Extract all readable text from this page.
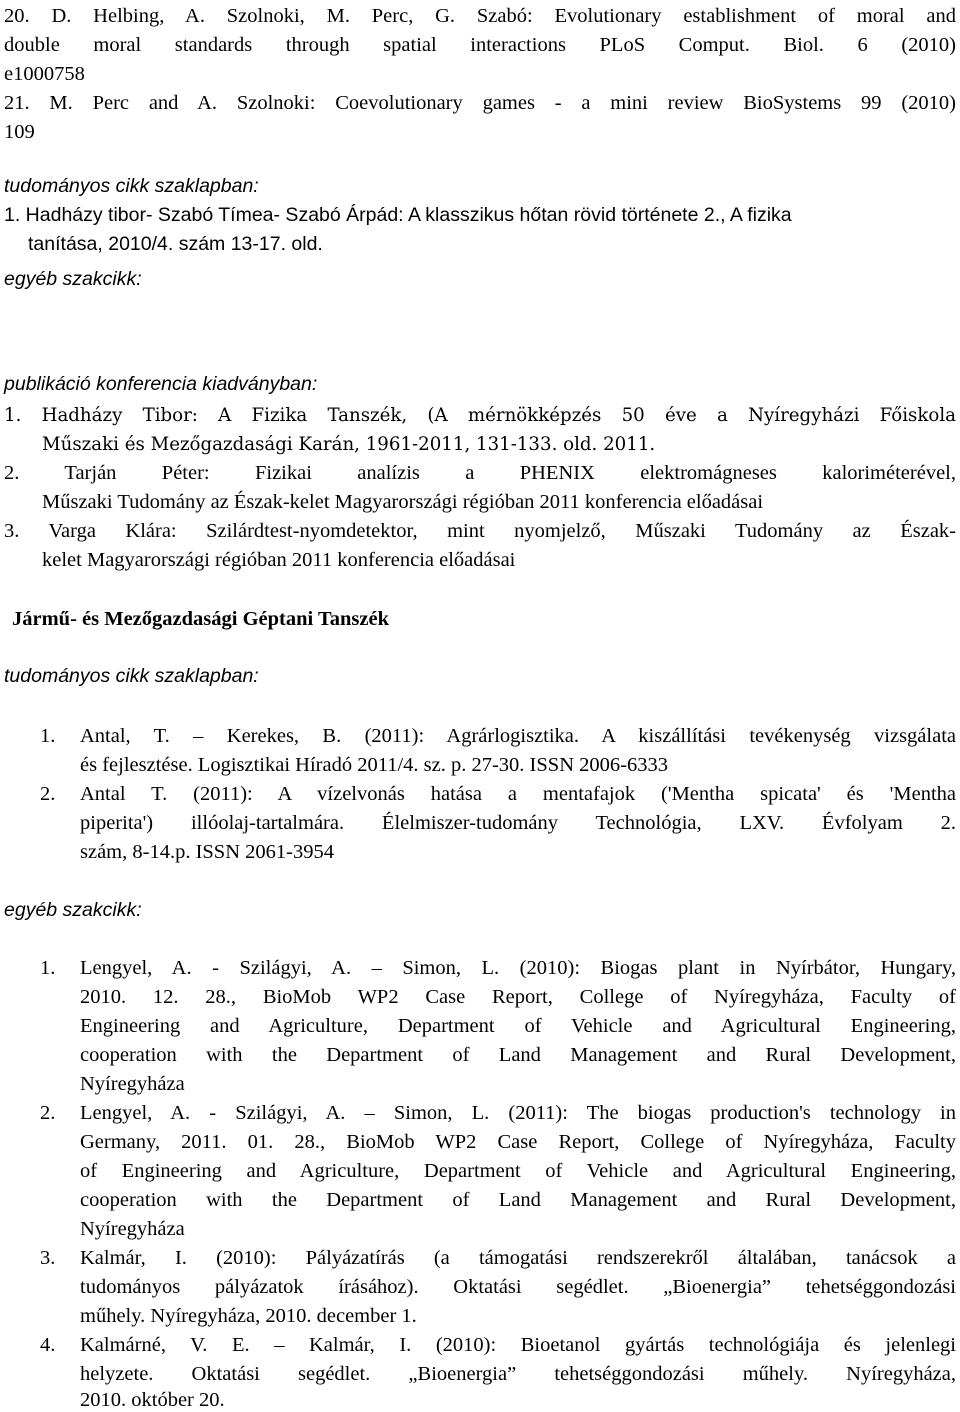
20. D. Helbing, A. Szolnoki, M. Perc, G. Szabó: Evolutionary establishment of moral and
double moral standards through spatial interactions PLoS Comput. Biol. 6 (2010)
e1000758
21. M. Perc and A. Szolnoki: Coevolutionary games - a mini review BioSystems 99 (2010)
109
tudományos cikk szaklapban:
1. Hadházy tibor- Szabó Tímea- Szabó Árpád: A klasszikus hőtan rövid története 2., A fizika
tanítása, 2010/4. szám 13-17. old.
egyéb szakcikk:
publikáció konferencia kiadványban:
1. Hadházy Tibor: A Fizika Tanszék, (A mérnökképzés 50 éve a Nyíregyházi Főiskola
Műszaki és Mezőgazdasági Karán, 1961-2011, 131-133. old. 2011.
2. Tarján Péter: Fizikai analízis a PHENIX elektromágneses kaloriméterével,
Műszaki Tudomány az Észak-kelet Magyarországi régióban 2011 konferencia előadásai
3. Varga Klára: Szilárdtest-nyomdetektor, mint nyomjelző, Műszaki Tudomány az Észak-
kelet Magyarországi régióban 2011 konferencia előadásai
Jármű- és Mezőgazdasági Géptani Tanszék
tudományos cikk szaklapban:
1. Antal, T. – Kerekes, B. (2011): Agrárlogisztika. A kiszállítási tevékenység vizsgálata
és fejlesztése. Logisztikai Híradó 2011/4. sz. p. 27-30. ISSN 2006-6333
2. Antal T. (2011): A vízelvonás hatása a mentafajok ('Mentha spicata' és 'Mentha
piperita') illóolaj-tartalmára. Élelmiszer-tudomány Technológia, LXV. Évfolyam 2.
szám, 8-14.p. ISSN 2061-3954
egyéb szakcikk:
1. Lengyel, A. - Szilágyi, A. – Simon, L. (2010): Biogas plant in Nyírbátor, Hungary,
2010. 12. 28., BioMob WP2 Case Report, College of Nyíregyháza, Faculty of
Engineering and Agriculture, Department of Vehicle and Agricultural Engineering,
cooperation with the Department of Land Management and Rural Development,
Nyíregyháza
2. Lengyel, A. - Szilágyi, A. – Simon, L. (2011): The biogas production's technology in
Germany, 2011. 01. 28., BioMob WP2 Case Report, College of Nyíregyháza, Faculty
of Engineering and Agriculture, Department of Vehicle and Agricultural Engineering,
cooperation with the Department of Land Management and Rural Development,
Nyíregyháza
3. Kalmár, I. (2010): Pályázatírás (a támogatási rendszerekről általában, tanácsok a
tudományos pályázatok írásához). Oktatási segédlet. „Bioenergia” tehetséggondozási
műhely. Nyíregyháza, 2010. december 1.
4. Kalmárné, V. E. – Kalmár, I. (2010): Bioetanol gyártás technológiája és jelenlegi
helyzete. Oktatási segédlet. „Bioenergia” tehetséggondozási műhely. Nyíregyháza,
2010. október 20.
